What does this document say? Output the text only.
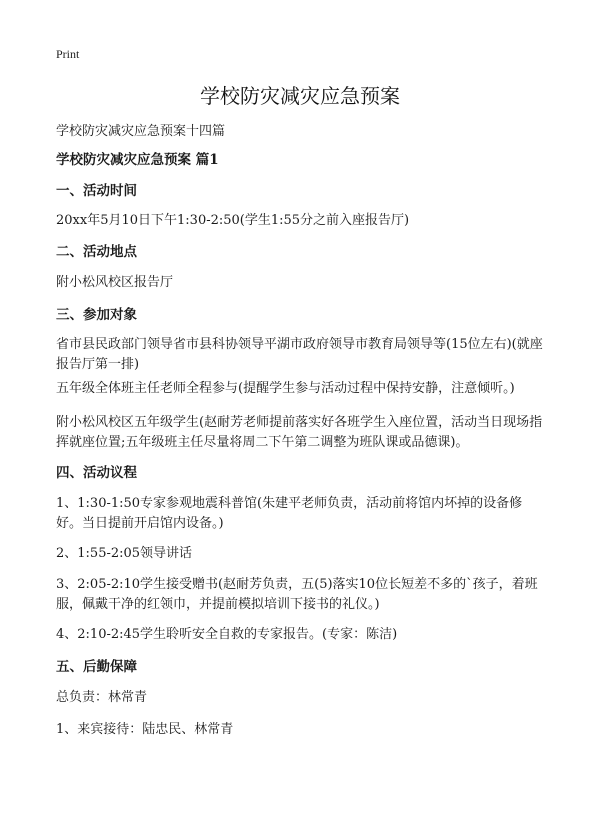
Print
学校防灾减灾应急预案
学校防灾减灾应急预案十四篇
学校防灾减灾应急预案 篇1
一、活动时间
20xx年5月10日下午1:30-2:50(学生1:55分之前入座报告厅)
二、活动地点
附小松风校区报告厅
三、参加对象
省市县民政部门领导省市县科协领导平湖市政府领导市教育局领导等(15位左右)(就座报告厅第一排)
五年级全体班主任老师全程参与(提醒学生参与活动过程中保持安静，注意倾听。)
附小松风校区五年级学生(赵耐芳老师提前落实好各班学生入座位置，活动当日现场指挥就座位置;五年级班主任尽量将周二下午第二调整为班队课或品德课)。
四、活动议程
1、1:30-1:50专家参观地震科普馆(朱建平老师负责，活动前将馆内坏掉的设备修好。当日提前开启馆内设备。)
2、1:55-2:05领导讲话
3、2:05-2:10学生接受赠书(赵耐芳负责，五(5)落实10位长短差不多的`孩子，着班服，佩戴干净的红领巾，并提前模拟培训下接书的礼仪。)
4、2:10-2:45学生聆听安全自救的专家报告。(专家：陈洁)
五、后勤保障
总负责：林常青
1、来宾接待：陆忠民、林常青
